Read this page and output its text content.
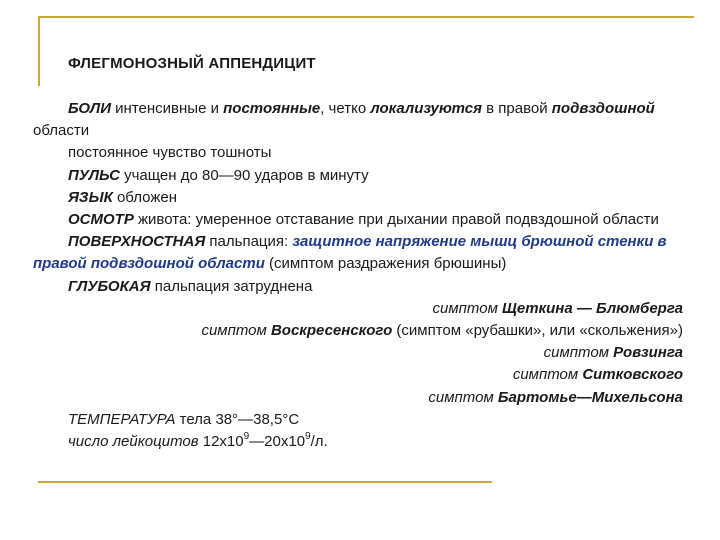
ФЛЕГМОНОЗНЫЙ АППЕНДИЦИТ

БОЛИ интенсивные и постоянные, четко локализуются в правой подвздошной области

постоянное чувство тошноты

ПУЛЬС учащен до 80—90 ударов в минуту

ЯЗЫК обложен

ОСМОТР живота: умеренное отставание при дыхании правой подвздошной области

ПОВЕРХНОСТНАЯ пальпация: защитное напряжение мышц брюшной стенки в правой подвздошной области (симптом раздражения брюшины)

ГЛУБОКАЯ пальпация затруднена

симптом Щеткина — Блюмберга

симптом Воскресенского (симптом «рубашки», или «скольжения»)

симптом Ровзинга

симптом Ситковского

симптом Бартомье—Михельсона

ТЕМПЕРАТУРА тела 38°—38,5°С

число лейкоцитов $12х10^9—20х10^9/л$.
